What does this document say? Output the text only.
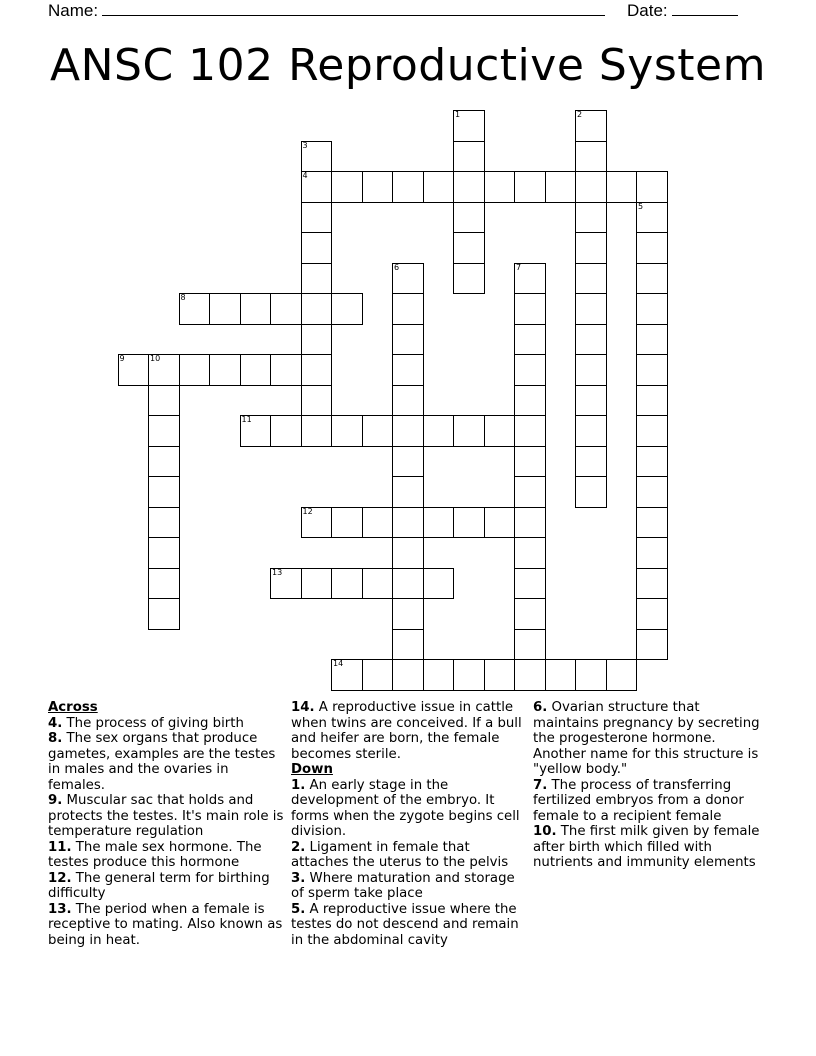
Name:	Date:
ANSC 102 Reproductive System
1	2
3
4
5
6	7
8
9	10
11
12
13
14
Across

4. The process of giving birth

8. The sex organs that produce gametes, examples are the testes in males and the ovaries in females.

9. Muscular sac that holds and protects the testes. It's main role is temperature regulation

11. The male sex hormone. The testes produce this hormone

12. The general term for birthing difficulty

13. The period when a female is receptive to mating. Also known as being in heat.

14. A reproductive issue in cattle when twins are conceived. If a bull and heifer are born, the female becomes sterile.

Down

1. An early stage in the development of the embryo. It forms when the zygote begins cell division.

2. Ligament in female that attaches the uterus to the pelvis

3. Where maturation and storage of sperm take place

5. A reproductive issue where the testes do not descend and remain in the abdominal cavity

6. Ovarian structure that maintains pregnancy by secreting the progesterone hormone. Another name for this structure is "yellow body."

7. The process of transferring fertilized embryos from a donor female to a recipient female

10. The first milk given by female after birth which filled with nutrients and immunity elements
